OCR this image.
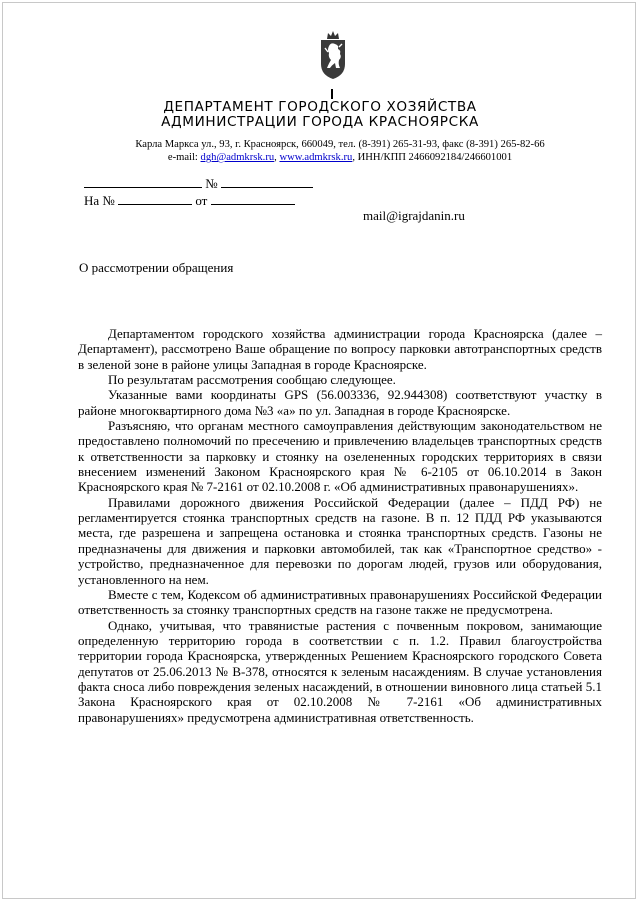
ДЕПАРТАМЕНТ ГОРОДСКОГО ХОЗЯЙСТВА
АДМИНИСТРАЦИИ ГОРОДА КРАСНОЯРСКА
Карла Маркса ул., 93, г. Красноярск, 660049, тел. (8-391) 265-31-93, факс (8-391) 265-82-66
e-mail: dgh@admkrsk.ru, www.admkrsk.ru, ИНН/КПП 2466092184/246601001
№
На №	от
mail@igrajdanin.ru
О рассмотрении обращения

Департаментом городского хозяйства администрации города Красноярска (далее – Департамент), рассмотрено Ваше обращение по вопросу парковки автотранспортных средств в зеленой зоне в районе улицы Западная в городе Красноярске.

По результатам рассмотрения сообщаю следующее.

Указанные вами координаты GPS (56.003336, 92.944308) соответствуют участку в районе многоквартирного дома №3 «а» по ул. Западная в городе Красноярске.

Разъясняю, что органам местного самоуправления действующим законодательством не предоставлено полномочий по пресечению и привлечению владельцев транспортных средств к ответственности за парковку и стоянку на озелененных городских территориях в связи внесением изменений Законом Красноярского края № 6-2105 от 06.10.2014 в Закон Красноярского края № 7-2161 от 02.10.2008 г. «Об административных правонарушениях».

Правилами дорожного движения Российской Федерации (далее – ПДД РФ) не регламентируется стоянка транспортных средств на газоне. В п. 12 ПДД РФ указываются места, где разрешена и запрещена остановка и стоянка транспортных средств. Газоны не предназначены для движения и парковки автомобилей, так как «Транспортное средство» - устройство, предназначенное для перевозки по дорогам людей, грузов или оборудования, установленного на нем.

Вместе с тем, Кодексом об административных правонарушениях Российской Федерации ответственность за стоянку транспортных средств на газоне также не предусмотрена.

Однако, учитывая, что травянистые растения с почвенным покровом, занимающие определенную территорию города в соответствии с п. 1.2. Правил благоустройства территории города Красноярска, утвержденных Решением Красноярского городского Совета депутатов от 25.06.2013 № В-378, относятся к зеленым насаждениям. В случае установления факта сноса либо повреждения зеленых насаждений, в отношении виновного лица статьей 5.1 Закона Красноярского края от 02.10.2008 № 7-2161 «Об административных правонарушениях» предусмотрена административная ответственность.
